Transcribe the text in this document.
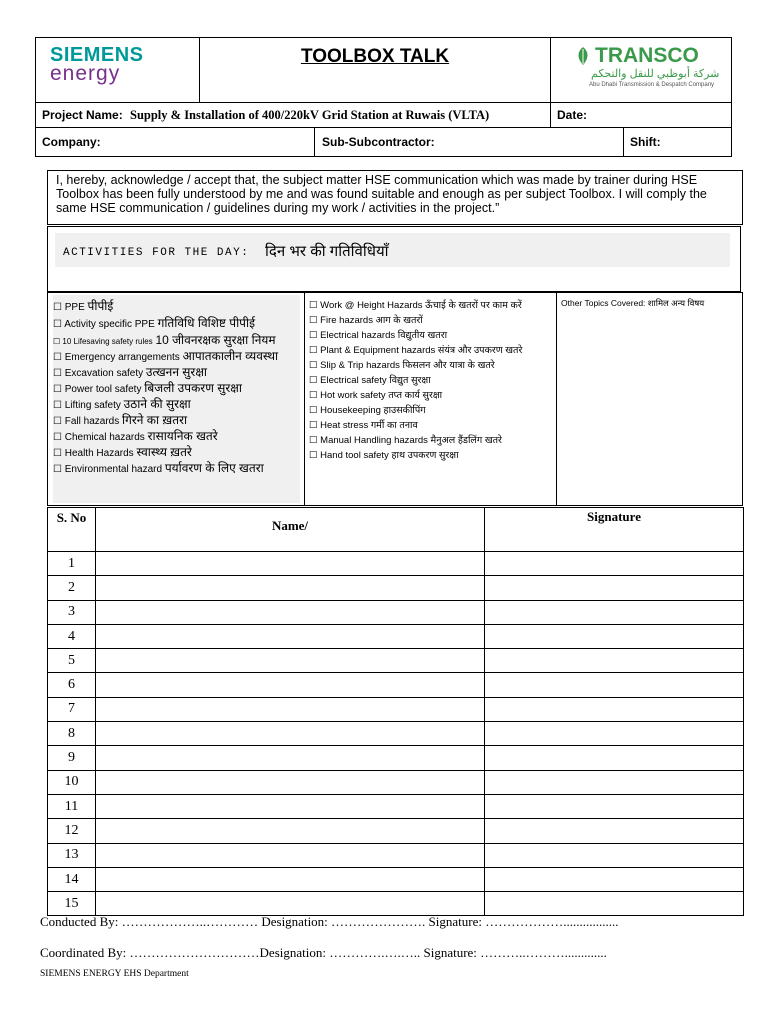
SIEMENS
energy
TOOLBOX TALK	TRANSCO
شركة أبوظبي للنقل والتحكم
Abu Dhabi Transmission & Despatch Company
Project Name: Supply & Installation of 400/220kV Grid Station at Ruwais (VLTA)	Date:
Company:	Sub-Subcontractor:	Shift:
I, hereby, acknowledge / accept that, the subject matter HSE communication which was made by trainer during HSE Toolbox has been fully understood by me and was found suitable and enough as per subject Toolbox. I will comply the same HSE communication / guidelines during my work / activities in the project.”
ACTIVITIES FOR THE DAY: दिन भर की गतिविधियाँ
☐ PPE पीपीई
☐ Activity specific PPE गतिविधि विशिष्ट पीपीई
☐ 10 Lifesaving safety rules 10 जीवनरक्षक सुरक्षा नियम
☐ Emergency arrangements आपातकालीन व्यवस्था
☐ Excavation safety उत्खनन सुरक्षा
☐ Power tool safety बिजली उपकरण सुरक्षा
☐ Lifting safety उठाने की सुरक्षा
☐ Fall hazards गिरने का ख़तरा
☐ Chemical hazards रासायनिक खतरे
☐ Health Hazards स्वास्थ्य ख़तरे
☐ Environmental hazard पर्यावरण के लिए खतरा
☐ Work @ Height Hazards ऊँचाई के खतरों पर काम करें
☐ Fire hazards आग के खतरों
☐ Electrical hazards विद्युतीय खतरा
☐ Plant & Equipment hazards संयंत्र और उपकरण खतरे
☐ Slip & Trip hazards फिसलन और यात्रा के खतरे
☐ Electrical safety विद्युत सुरक्षा
☐ Hot work safety तप्त कार्य सुरक्षा
☐ Housekeeping हाउसकीपिंग
☐ Heat stress गर्मी का तनाव
☐ Manual Handling hazards मैनुअल हैंडलिंग खतरे
☐ Hand tool safety हाथ उपकरण सुरक्षा
Other Topics Covered: शामिल अन्य विषय
S. No	Name/	Signature
1		
2		
3		
4		
5		
6		
7		
8		
9		
10		
11		
12		
13		
14		
15		
Conducted By: ………………..………… Designation: …………………. Signature: ……………….................
Coordinated By: …………………………Designation: ………….….….. Signature: ………..……….............
SIEMENS ENERGY EHS Department
